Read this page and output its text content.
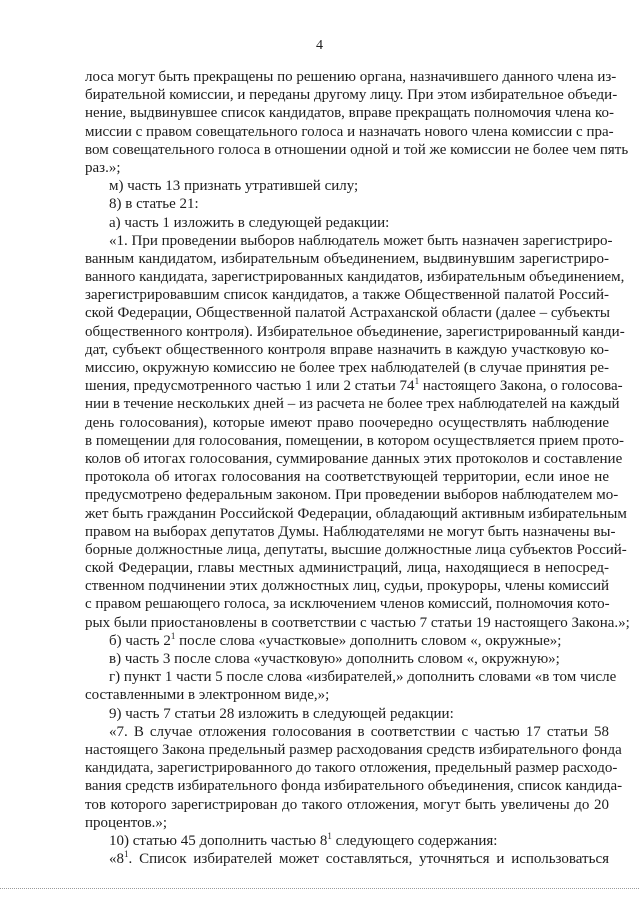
4
лоса могут быть прекращены по решению органа, назначившего данного члена из-
бирательной комиссии, и переданы другому лицу. При этом избирательное объеди-
нение, выдвинувшее список кандидатов, вправе прекращать полномочия члена ко-
миссии с правом совещательного голоса и назначать нового члена комиссии с пра-
вом совещательного голоса в отношении одной и той же комиссии не более чем пять
раз.»;
м) часть 13 признать утратившей силу;
8) в статье 21:
а) часть 1 изложить в следующей редакции:
«1. При проведении выборов наблюдатель может быть назначен зарегистриро-
ванным кандидатом, избирательным объединением, выдвинувшим зарегистриро-
ванного кандидата, зарегистрированных кандидатов, избирательным объединением,
зарегистрировавшим список кандидатов, а также Общественной палатой Россий-
ской Федерации, Общественной палатой Астраханской области (далее – субъекты
общественного контроля). Избирательное объединение, зарегистрированный канди-
дат, субъект общественного контроля вправе назначить в каждую участковую ко-
миссию, окружную комиссию не более трех наблюдателей (в случае принятия ре-
шения, предусмотренного частью 1 или 2 статьи $74^1$ настоящего Закона, о голосова-
нии в течение нескольких дней – из расчета не более трех наблюдателей на каждый
день голосования), которые имеют право поочередно осуществлять наблюдение
в помещении для голосования, помещении, в котором осуществляется прием прото-
колов об итогах голосования, суммирование данных этих протоколов и составление
протокола об итогах голосования на соответствующей территории, если иное не
предусмотрено федеральным законом. При проведении выборов наблюдателем мо-
жет быть гражданин Российской Федерации, обладающий активным избирательным
правом на выборах депутатов Думы. Наблюдателями не могут быть назначены вы-
борные должностные лица, депутаты, высшие должностные лица субъектов Россий-
ской Федерации, главы местных администраций, лица, находящиеся в непосред-
ственном подчинении этих должностных лиц, судьи, прокуроры, члены комиссий
с правом решающего голоса, за исключением членов комиссий, полномочия кото-
рых были приостановлены в соответствии с частью 7 статьи 19 настоящего Закона.»;
б) часть $2^1$ после слова «участковые» дополнить словом «, окружные»;
в) часть 3 после слова «участковую» дополнить словом «, окружную»;
г) пункт 1 части 5 после слова «избирателей,» дополнить словами «в том числе
составленными в электронном виде,»;
9) часть 7 статьи 28 изложить в следующей редакции:
«7. В случае отложения голосования в соответствии с частью 17 статьи 58
настоящего Закона предельный размер расходования средств избирательного фонда
кандидата, зарегистрированного до такого отложения, предельный размер расходо-
вания средств избирательного фонда избирательного объединения, список кандида-
тов которого зарегистрирован до такого отложения, могут быть увеличены до 20
процентов.»;
10) статью 45 дополнить частью $8^1$ следующего содержания:
«$8^1$. Список избирателей может составляться, уточняться и использоваться
